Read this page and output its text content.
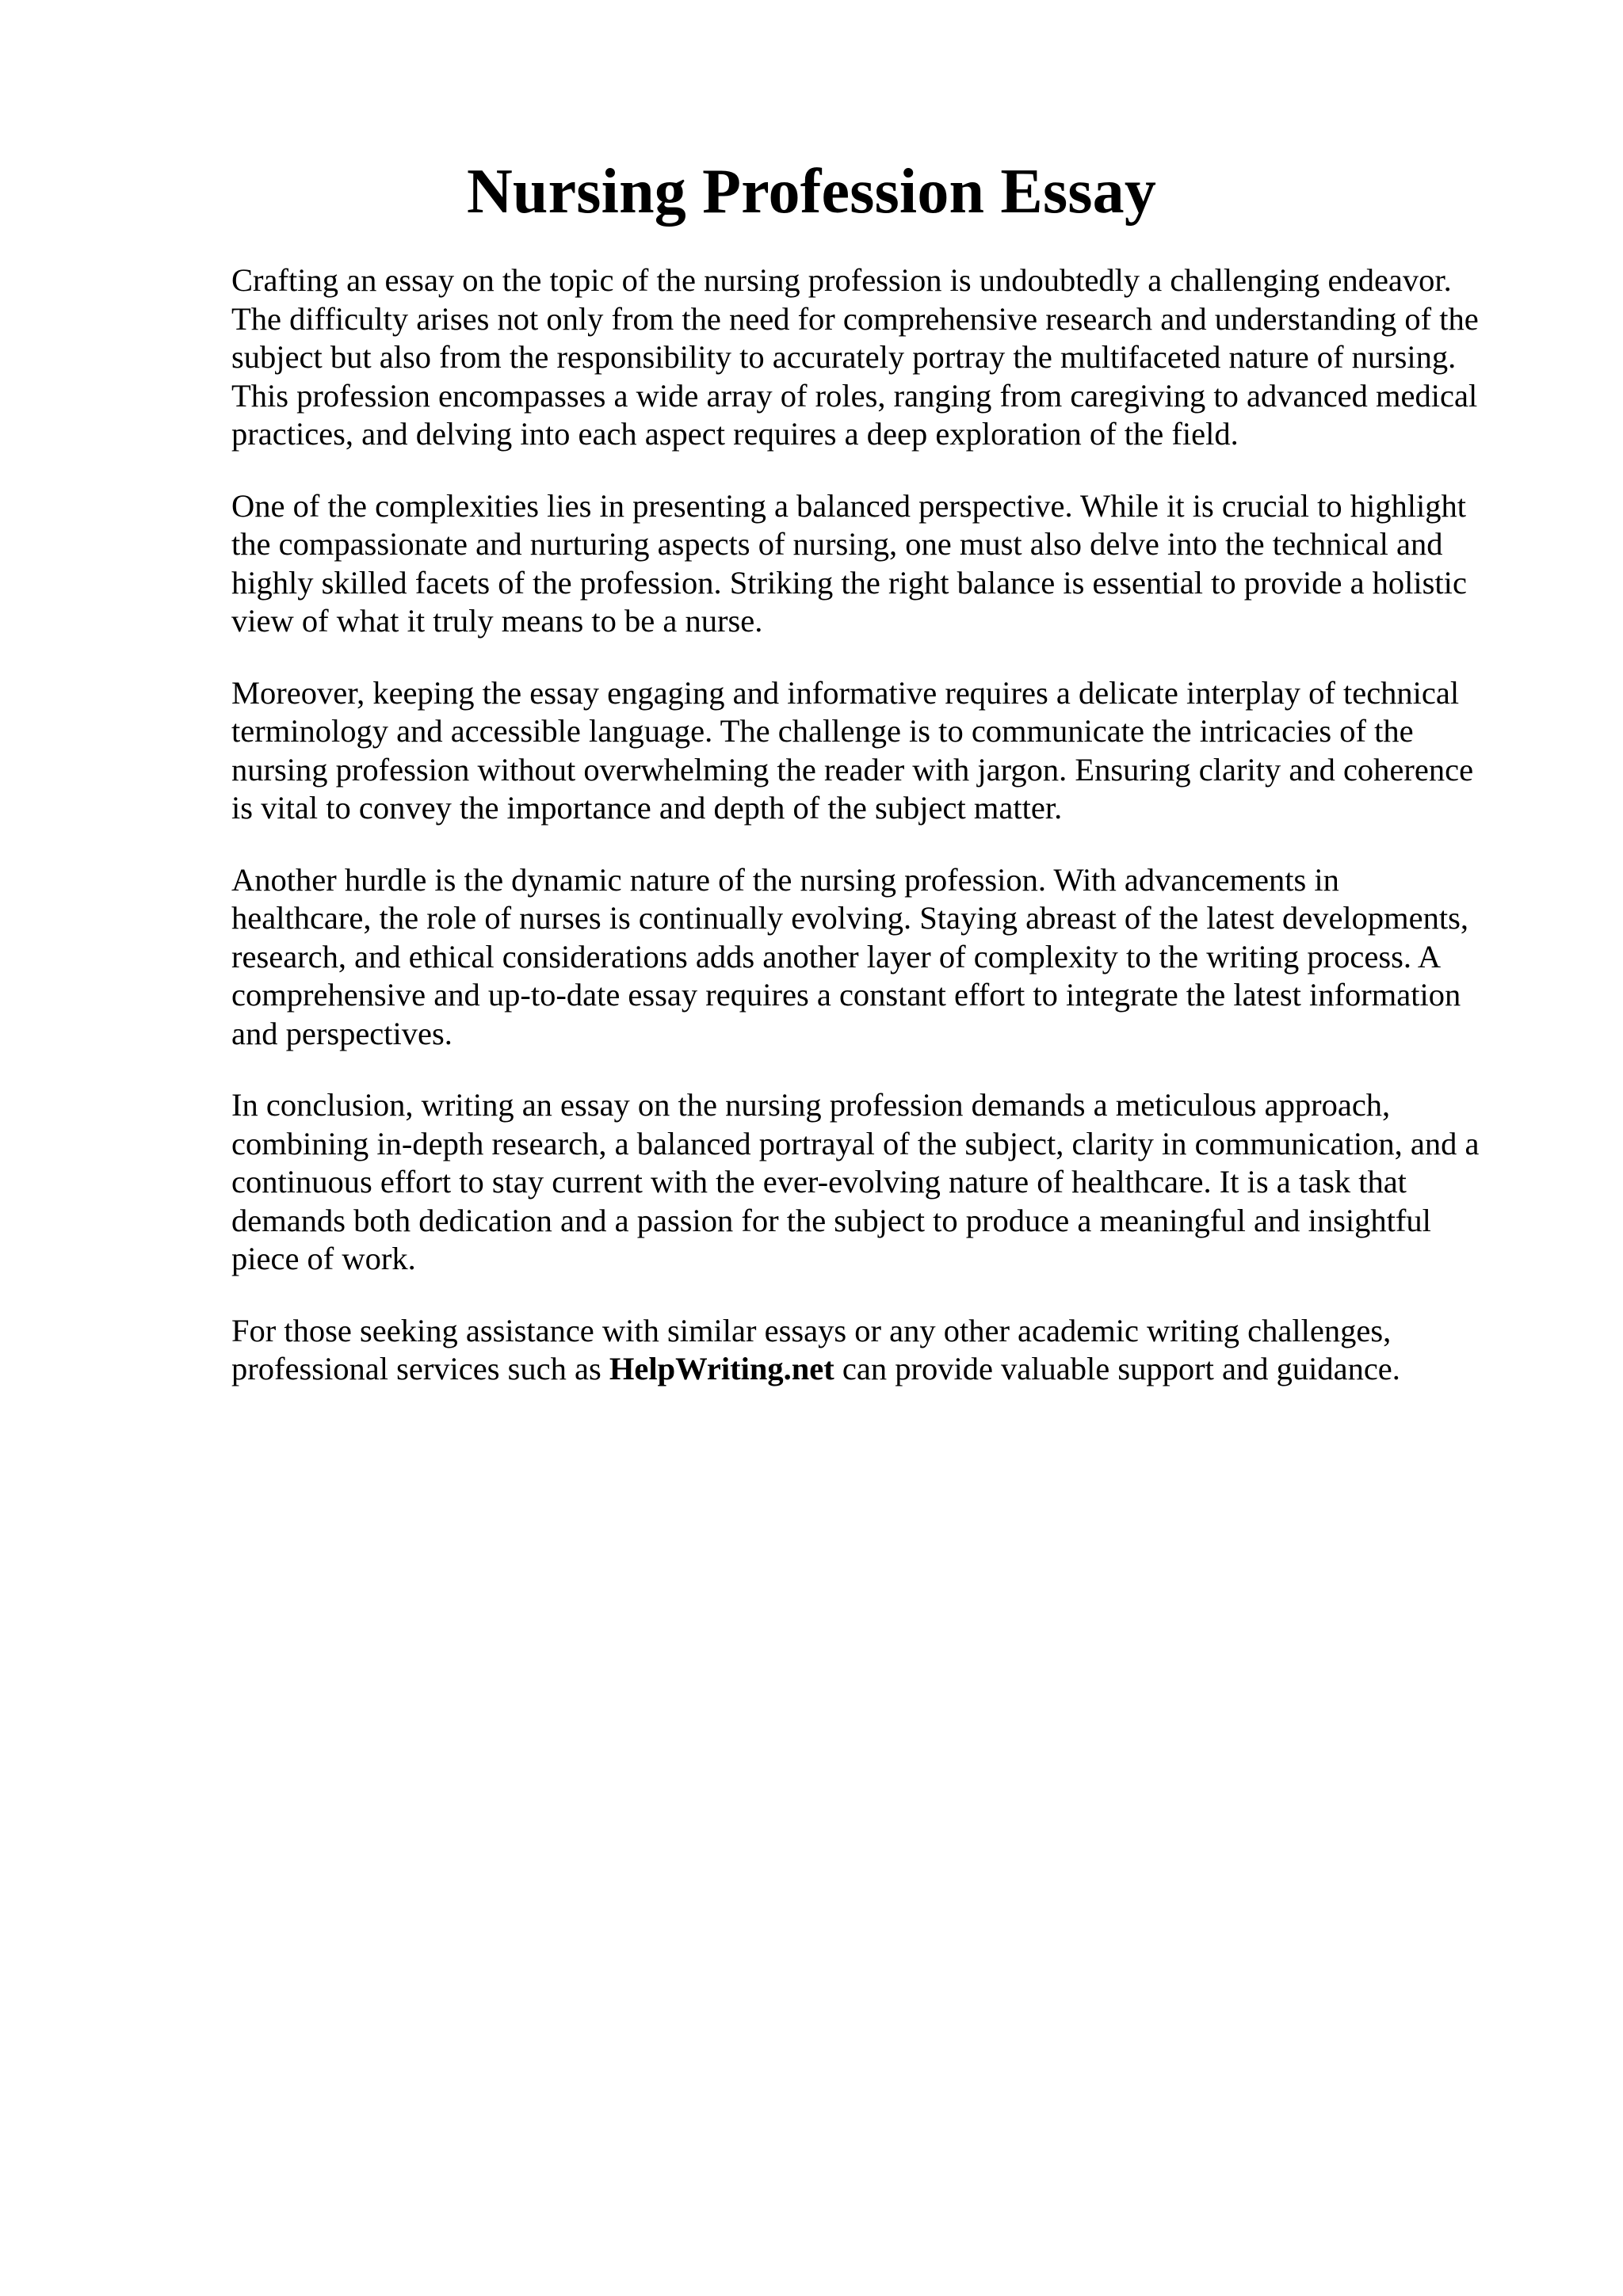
Nursing Profession Essay

Crafting an essay on the topic of the nursing profession is undoubtedly a challenging endeavor.
The difficulty arises not only from the need for comprehensive research and understanding of the
subject but also from the responsibility to accurately portray the multifaceted nature of nursing.
This profession encompasses a wide array of roles, ranging from caregiving to advanced medical
practices, and delving into each aspect requires a deep exploration of the field.

One of the complexities lies in presenting a balanced perspective. While it is crucial to highlight
the compassionate and nurturing aspects of nursing, one must also delve into the technical and
highly skilled facets of the profession. Striking the right balance is essential to provide a holistic
view of what it truly means to be a nurse.

Moreover, keeping the essay engaging and informative requires a delicate interplay of technical
terminology and accessible language. The challenge is to communicate the intricacies of the
nursing profession without overwhelming the reader with jargon. Ensuring clarity and coherence
is vital to convey the importance and depth of the subject matter.

Another hurdle is the dynamic nature of the nursing profession. With advancements in
healthcare, the role of nurses is continually evolving. Staying abreast of the latest developments,
research, and ethical considerations adds another layer of complexity to the writing process. A
comprehensive and up-to-date essay requires a constant effort to integrate the latest information
and perspectives.

In conclusion, writing an essay on the nursing profession demands a meticulous approach,
combining in-depth research, a balanced portrayal of the subject, clarity in communication, and a
continuous effort to stay current with the ever-evolving nature of healthcare. It is a task that
demands both dedication and a passion for the subject to produce a meaningful and insightful
piece of work.

For those seeking assistance with similar essays or any other academic writing challenges,
professional services such as HelpWriting.net can provide valuable support and guidance.
